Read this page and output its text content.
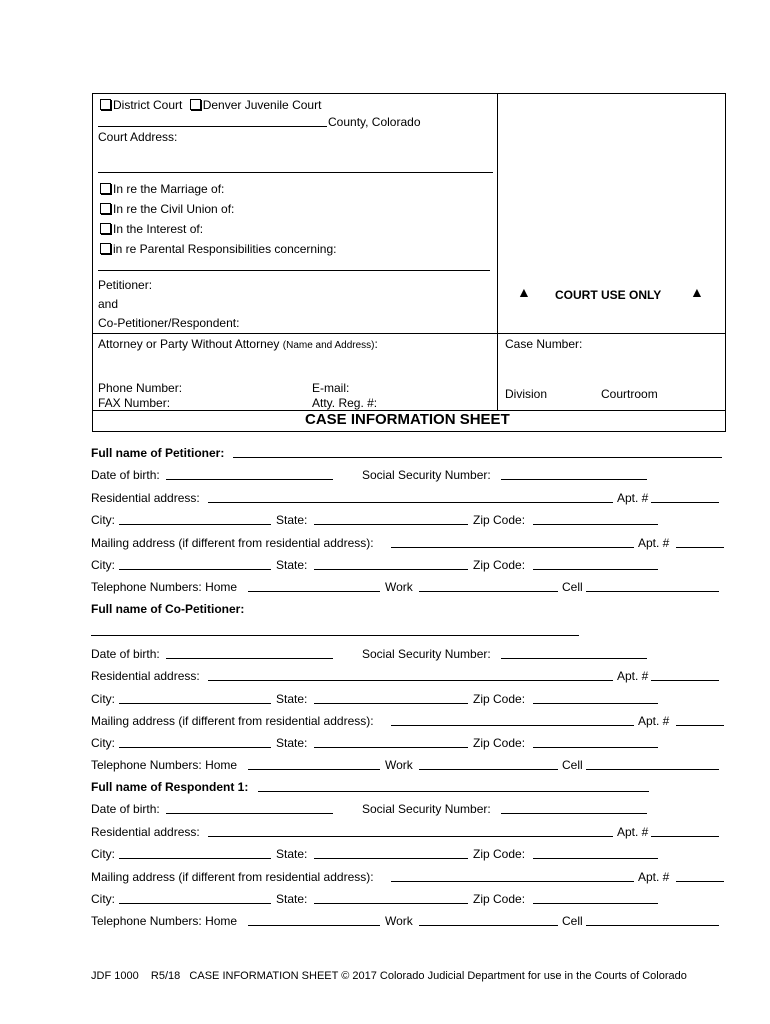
District Court Denver Juvenile Court
County, Colorado
Court Address:
In re the Marriage of:
In re the Civil Union of:
In the Interest of:
in re Parental Responsibilities concerning:
Petitioner:
and
Co-Petitioner/Respondent:
▲ COURT USE ONLY ▲
Attorney or Party Without Attorney (Name and Address):	Case Number:
Phone Number:
FAX Number:
E-mail:
Atty. Reg. #:
Division	Courtroom
CASE INFORMATION SHEET
Full name of Petitioner:
Date of birth:	Social Security Number:
Residential address:	Apt. #
City:	State:	Zip Code:
Mailing address (if different from residential address):	Apt. #
City:	State:	Zip Code:
Telephone Numbers: Home	Work	Cell
Full name of Co-Petitioner:
Date of birth:	Social Security Number:
Residential address:	Apt. #
City:	State:	Zip Code:
Mailing address (if different from residential address):	Apt. #
City:	State:	Zip Code:
Telephone Numbers: Home	Work	Cell
Full name of Respondent 1:
Date of birth:	Social Security Number:
Residential address:	Apt. #
City:	State:	Zip Code:
Mailing address (if different from residential address):	Apt. #
City:	State:	Zip Code:
Telephone Numbers: Home	Work	Cell
JDF 1000    R5/18   CASE INFORMATION SHEET © 2017 Colorado Judicial Department for use in the Courts of Colorado
